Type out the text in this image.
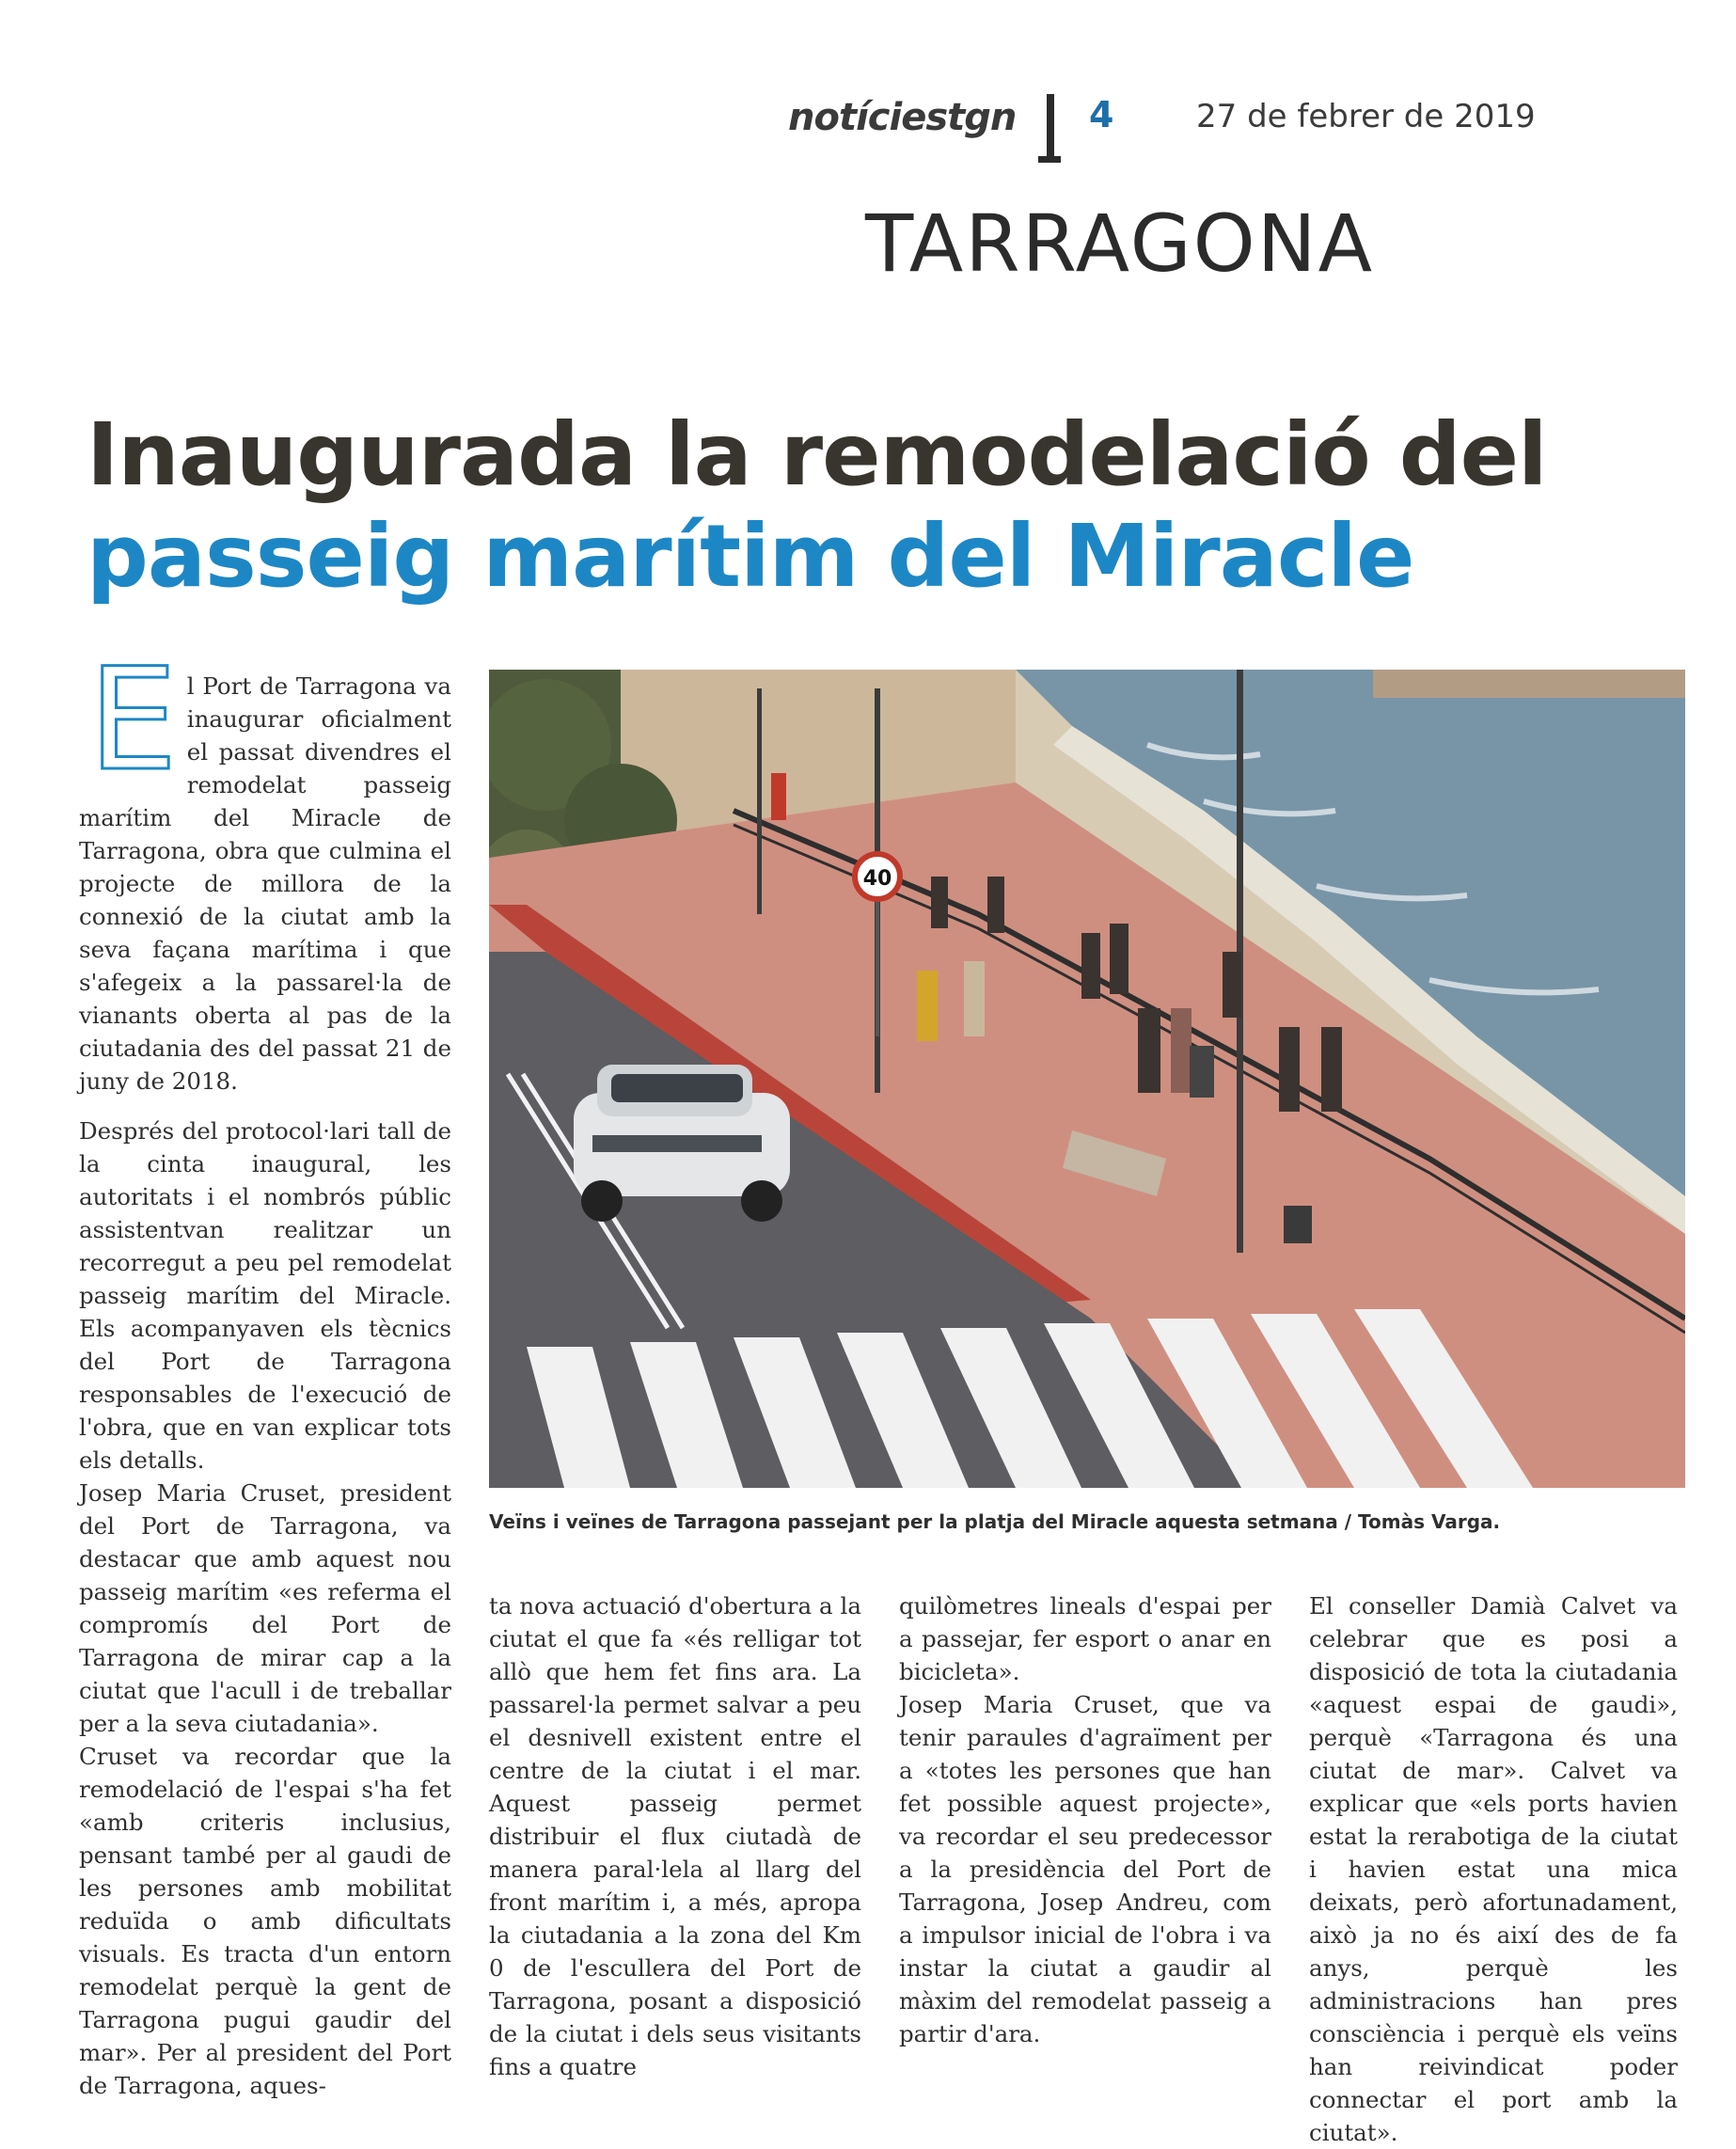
notíciestgn 4	27 de febrer de 2019
TARRAGONA
Inaugurada la remodelació del
passeig marítim del Miracle

El Port de Tarragona va inaugurar oficialment el passat divendres el remodelat passeig marítim del Miracle de Tarragona, obra que culmina el projecte de millora de la connexió de la ciutat amb la seva façana marítima i que s'afegeix a la passarel·la de vianants oberta al pas de la ciutadania des del passat 21 de juny de 2018.

Després del protocol·lari tall de la cinta inaugural, les autoritats i el nombrós públic assistentvan realitzar un recorregut a peu pel remodelat passeig marítim del Miracle. Els acompanyaven els tècnics del Port de Tarragona responsables de l'execució de l'obra, que en van explicar tots els detalls.

Josep Maria Cruset, president del Port de Tarragona, va destacar que amb aquest nou passeig marítim «es referma el compromís del Port de Tarragona de mirar cap a la ciutat que l'acull i de treballar per a la seva ciutadania».

Cruset va recordar que la remodelació de l'espai s'ha fet «amb criteris inclusius, pensant també per al gaudi de les persones amb mobilitat reduïda o amb dificultats visuals. Es tracta d'un entorn remodelat perquè la gent de Tarragona pugui gaudir del mar». Per al president del Port de Tarragona, aques-

40
Veïns i veïnes de Tarragona passejant per la platja del Miracle aquesta setmana / Tomàs Varga.

ta nova actuació d'obertura a la ciutat el que fa «és relligar tot allò que hem fet fins ara. La passarel·la permet salvar a peu el desnivell existent entre el centre de la ciutat i el mar. Aquest passeig permet distribuir el flux ciutadà de manera paral·lela al llarg del front marítim i, a més, apropa la ciutadania a la zona del Km 0 de l'escullera del Port de Tarragona, posant a disposició de la ciutat i dels seus visitants fins a quatre

quilòmetres lineals d'espai per a passejar, fer esport o anar en bicicleta».

Josep Maria Cruset, que va tenir paraules d'agraïment per a «totes les persones que han fet possible aquest projecte», va recordar el seu predecessor a la presidència del Port de Tarragona, Josep Andreu, com a impulsor inicial de l'obra i va instar la ciutat a gaudir al màxim del remodelat passeig a partir d'ara.

El conseller Damià Calvet va celebrar que es posi a disposició de tota la ciutadania «aquest espai de gaudi», perquè «Tarragona és una ciutat de mar». Calvet va explicar que «els ports havien estat la rerabotiga de la ciutat i havien estat una mica deixats, però afortunadament, això ja no és així des de fa anys, perquè les administracions han pres consciència i perquè els veïns han reivindicat poder connectar el port amb la ciutat».
